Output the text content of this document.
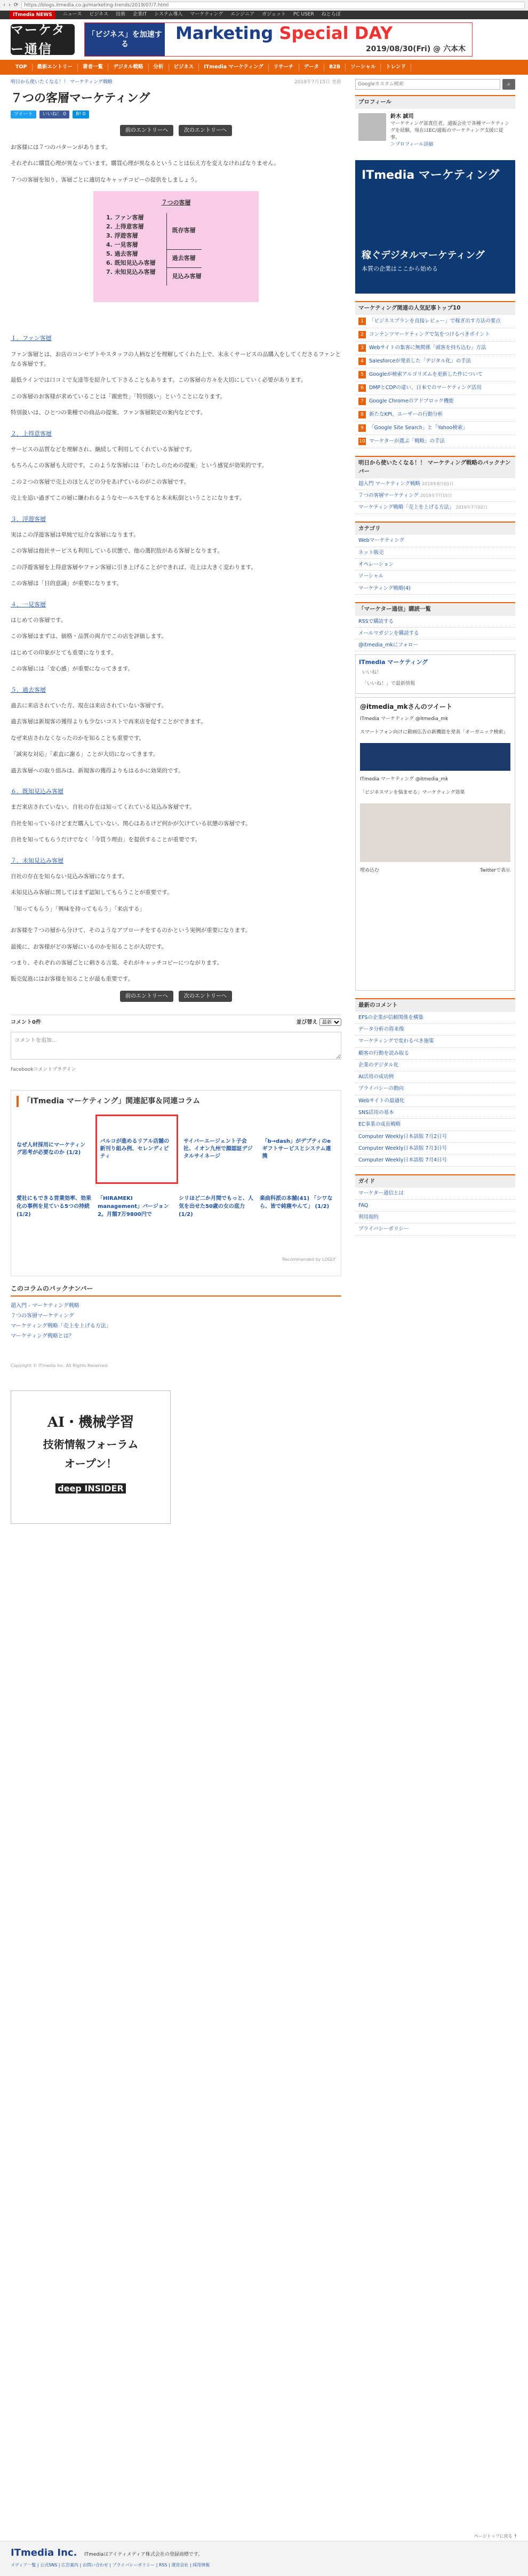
‹ › ⟳	https://blogs.itmedia.co.jp/marketing-trends/2019/07/7.html
ITmedia NEWS	ニュース ビジネス 技術 企業IT システム導入 マーケティング エンジニア ガジェット PC USER ねとらぼ
マーケター通信
「ビジネス」を加速する
Marketing Special DAY
2019/08/30(Fri) @ 六本木
TOP	最新エントリー	著者一覧	デジタル戦略	分析	ビジネス	ITmedia マーケティング	リサーチ	データ	B2B	ソーシャル	トレンド
明日から使いたくなる！！ マーケティング戦略	2019年7月15日 更新
７つの客層マーケティング
ツイート	いいね！ 0	B! 0
前のエントリーへ	次のエントリーへ

お客様には７つのパターンがあります。

それぞれに購買心理が異なっています。購買心理が異なるということは伝え方を変えなければなりません。

７つの客層を知り、客層ごとに適切なキャッチコピーの提供をしましょう。

７つの客層
1. ファン客層
2. 上得意客層
3. 浮遊客層
4. 一見客層
5. 過去客層
6. 既知見込み客層
7. 未知見込み客層
既存客層
過去客層
見込み客層
１．ファン客層

ファン客層とは、お店のコンセプトやスタッフの人柄などを理解してくれた上で、末永くサービスの品購入をしてくださるファンとなる客層です。

最低ラインでは口コミで友達等を紹介して下さることもあります。この客層の方々を大切にしていく必要があります。

この客層のお客様が求めていることは「親密性」「特別扱い」ということになります。

特別扱いは、ひとつの業種での商品の提案、ファン客層限定の案内などです。

２．上得意客層

サービスの品質などを理解され、継続して利用してくれている客層です。

もちろんこの客層も大切です。このような客層には「わたしのための提案」という感覚が効果的です。

この２つの客層で売上のほとんどの分をあげているのがこの客層です。

売上を追い過ぎてこの層に嫌われるようなセールスをすると本末転倒ということになります。

３．浮遊客層

実はこの浮遊客層は単純で厄介な客層になります。

この客層は他社サービスも利用している状態で、他の選択肢がある客層となります。

この浮遊客層を上得意客層やファン客層に引き上げることができれば、売上は大きく変わります。

この客層は「目的意識」が重要になります。

４．一見客層

はじめての客層です。

この客層はまずは、価格・品質の両方でこの店を評価します。

はじめての印象がとても重要になります。

この客層には「安心感」が重要になってきます。

５．過去客層

過去に来店されていた方、現在は来店されていない客層です。

過去客層は新規客の獲得よりも少ないコストで再来店を促すことができます。

なぜ来店されなくなったのかを知ることも重要です。

「誠実な対応」「素直に謝る」ことが大切になってきます。

過去客層への取り組みは、新規客の獲得よりもはるかに効果的です。

６．既知見込み客層

まだ来店されていない、自社の存在は知ってくれている見込み客層です。

自社を知っているけどまだ購入していない、関心はあるけど何かが欠けている状態の客層です。

自社を知ってもらうだけでなく「今買う理由」を提供することが重要です。

７．未知見込み客層

自社の存在を知らない見込み客層になります。

未知見込み客層に関してはまず認知してもらうことが重要です。

「知ってもらう」「興味を持ってもらう」「来店する」

お客様を７つの層から分けて、そのようなアプローチをするのかという実例が重要になります。

最後に、お客様がどの客層にいるのかを知ることが大切です。

つまり、それぞれの客層ごとに刺さる言葉、それがキャッチコピーにつながります。

販売促進にはお客様を知ることが最も重要です。

前のエントリーへ	次のエントリーへ
コメント0件	並び替え
最新
コメントを追加...
Facebookコメントプラグイン
「ITmedia マーケティング」関連記事＆同連コラム
なぜ人材採用にマーケティング思考が必要なのか (1/2)
バルコが進めるリアル店舗の新刊り組み例、セレンディピティ
サイバーエージェント子会社、イオン九州で顔認証デジタルサイネージ
「b→dash」がデプティのeギフトサービスとシステム連携
愛社にもできる営業効率、効果化の事例を見ている5つの持続 (1/2)
「HIRAMEKI management」バージョン2。月額7万9800円で
シリほど二か月間でもっと、人気を出せた50歳の女の底力 (1/2)
楽曲科派の本舗(41) 「シワなら、皆で純寝やんて」 (1/2)
Recommended by LOGLY
このコラムのバックナンバー
超入門 - マーケティング戦略
７つの客層マーケティング
マーケティング戦略「売上を上げる方法」
マーケティング戦略とは？
Copyright © ITmedia Inc. All Rights Reserved.
AI・機械学習
技術情報フォーラム
オープン！
deep INSIDER
Googleカスタム検索
⌕
プロフィール
鈴木 誠司
マーケティング部責任者。通販会社で各種マーケティングを経験。現在はEC/通販のマーケティング支援に従事。
＞プロフィール詳細
ITmedia マーケティング
稼ぐデジタルマーケティング
本質の企業はここから始める
マーケティング関連の人気記事トップ10
1	「ビジネスプランを直接レビュー」で稼ぎ出す方法の要点
2	コンテンツマーケティングで気をつけるべきポイント
3	Webサイトの集客に無関係「頭客を持ち込む」方法
4	Salesforceが発表した「デジタル化」の手法
5	Googleが検索アルゴリズムを更新した件について
6	DMPとCDPの違い、日本でのマーケティング活用
7	Google Chromeのアドブロック機能
8	新たなKPI、ユーザーの行動分析
9	「Google Site Search」と「Yahoo検索」
10 マーケターが選ぶ「戦略」の手法
明日から使いたくなる！！ マーケティング戦略のバックナンバー
超入門 マーケティング戦略 2019年8月01日
７つの客層マーケティング 2019年7月15日
マーケティング戦略「売上を上げる方法」 2019年7月02日
カテゴリ
Webマーケティング
ネット販売
オペレーション
ソーシャル
マーケティング戦略(4)
「マーケター通信」購読一覧
RSSで購読する
メールマガジンを購読する
@itmedia_mkにフォロー
ITmedia マーケティング
いいね！
「いいね！」で最新情報
@itmedia_mkさんのツイート
ITmedia マーケティング @itmedia_mk
スマートフォン向けに動画広告の新機能を発表「オーガニック検索」
ITmedia マーケティング @itmedia_mk
「ビジネスマンを悩ませる」マーケティング効果
埋め込む	Twitterで表示
最新のコメント
EFSの企業が信頼関係を構築
データ分析の将来像
マーケティングで変わるべき施策
顧客の行動を読み取る
企業のデジタル化
AI活用の成功例
プライバシーの動向
Webサイトの最適化
SNS活用の基本
EC事業の成長戦略
Computer Weekly日本語版 7月2日号
Computer Weekly日本語版 7月3日号
Computer Weekly日本語版 7月4日号
ガイド
マーケター通信とは
FAQ
利用規約
プライバシーポリシー
ページトップに戻る ↑
ITmedia Inc. ITmediaはアイティメディア株式会社の登録商標です。
メディア一覧 | 公式SNS | 広告案内 | お問い合わせ | プライバシーポリシー | RSS | 運営会社 | 採用情報
